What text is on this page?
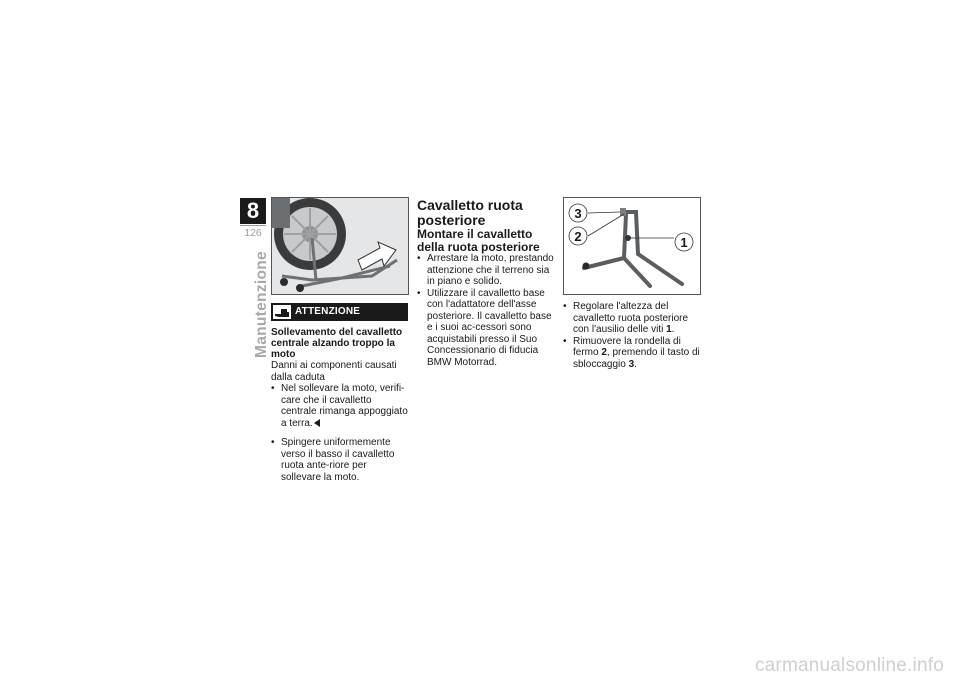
8
126
Manutenzione	ATTENZIONE

Sollevamento del cavalletto centrale alzando troppo la moto

Danni ai componenti causati dalla caduta

• Nel sollevare la moto, verifi-care che il cavalletto centrale rimanga appoggiato a terra.
• Spingere uniformemente verso il basso il cavalletto ruota ante-riore per sollevare la moto.

Cavalletto ruota posteriore

Montare il cavalletto della ruota posteriore

• Arrestare la moto, prestando attenzione che il terreno sia in piano e solido.
• Utilizzare il cavalletto base con l'adattatore dell'asse posteriore. Il cavalletto base e i suoi ac-cessori sono acquistabili presso il Suo Concessionario di fiducia BMW Motorrad.
3
2	1
• Regolare l'altezza del cavalletto ruota posteriore con l'ausilio delle viti 1.
• Rimuovere la rondella di fermo 2, premendo il tasto di sbloccaggio 3.
carmanualsonline.info
